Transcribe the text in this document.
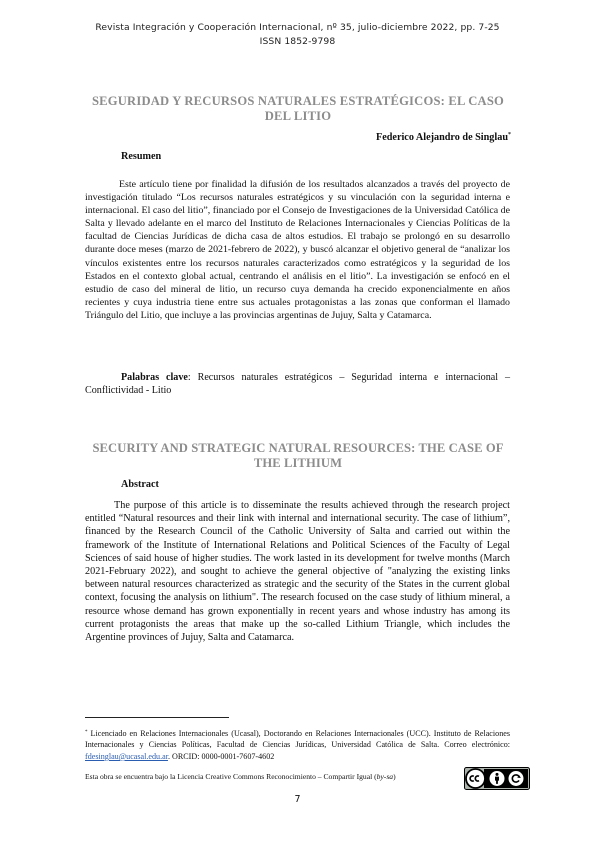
Revista Integración y Cooperación Internacional, nº 35, julio-diciembre 2022, pp. 7-25
ISSN 1852-9798
SEGURIDAD Y RECURSOS NATURALES ESTRATÉGICOS: EL CASO DEL LITIO
Federico Alejandro de Singlau*
Resumen

Este artículo tiene por finalidad la difusión de los resultados alcanzados a través del proyecto de investigación titulado “Los recursos naturales estratégicos y su vinculación con la seguridad interna e internacional. El caso del litio”, financiado por el Consejo de Investigaciones de la Universidad Católica de Salta y llevado adelante en el marco del Instituto de Relaciones Internacionales y Ciencias Políticas de la facultad de Ciencias Jurídicas de dicha casa de altos estudios. El trabajo se prolongó en su desarrollo durante doce meses (marzo de 2021-febrero de 2022), y buscó alcanzar el objetivo general de “analizar los vínculos existentes entre los recursos naturales caracterizados como estratégicos y la seguridad de los Estados en el contexto global actual, centrando el análisis en el litio”. La investigación se enfocó en el estudio de caso del mineral de litio, un recurso cuya demanda ha crecido exponencialmente en años recientes y cuya industria tiene entre sus actuales protagonistas a las zonas que conforman el llamado Triángulo del Litio, que incluye a las provincias argentinas de Jujuy, Salta y Catamarca.

Palabras clave: Recursos naturales estratégicos – Seguridad interna e internacional – Conflictividad - Litio

SECURITY AND STRATEGIC NATURAL RESOURCES: THE CASE OF THE LITHIUM
Abstract

The purpose of this article is to disseminate the results achieved through the research project entitled “Natural resources and their link with internal and international security. The case of lithium”, financed by the Research Council of the Catholic University of Salta and carried out within the framework of the Institute of International Relations and Political Sciences of the Faculty of Legal Sciences of said house of higher studies. The work lasted in its development for twelve months (March 2021-February 2022), and sought to achieve the general objective of "analyzing the existing links between natural resources characterized as strategic and the security of the States in the current global context, focusing the analysis on lithium". The research focused on the case study of lithium mineral, a resource whose demand has grown exponentially in recent years and whose industry has among its current protagonists the areas that make up the so-called Lithium Triangle, which includes the Argentine provinces of Jujuy, Salta and Catamarca.

* Licenciado en Relaciones Internacionales (Ucasal), Doctorando en Relaciones Internacionales (UCC). Instituto de Relaciones Internacionales y Ciencias Políticas, Facultad de Ciencias Jurídicas, Universidad Católica de Salta. Correo electrónico: fdesinglau@ucasal.edu.ar. ORCID: 0000-0001-7607-4602

Esta obra se encuentra bajo la Licencia Creative Commons Reconocimiento – Compartir Igual (by-sa)
7
